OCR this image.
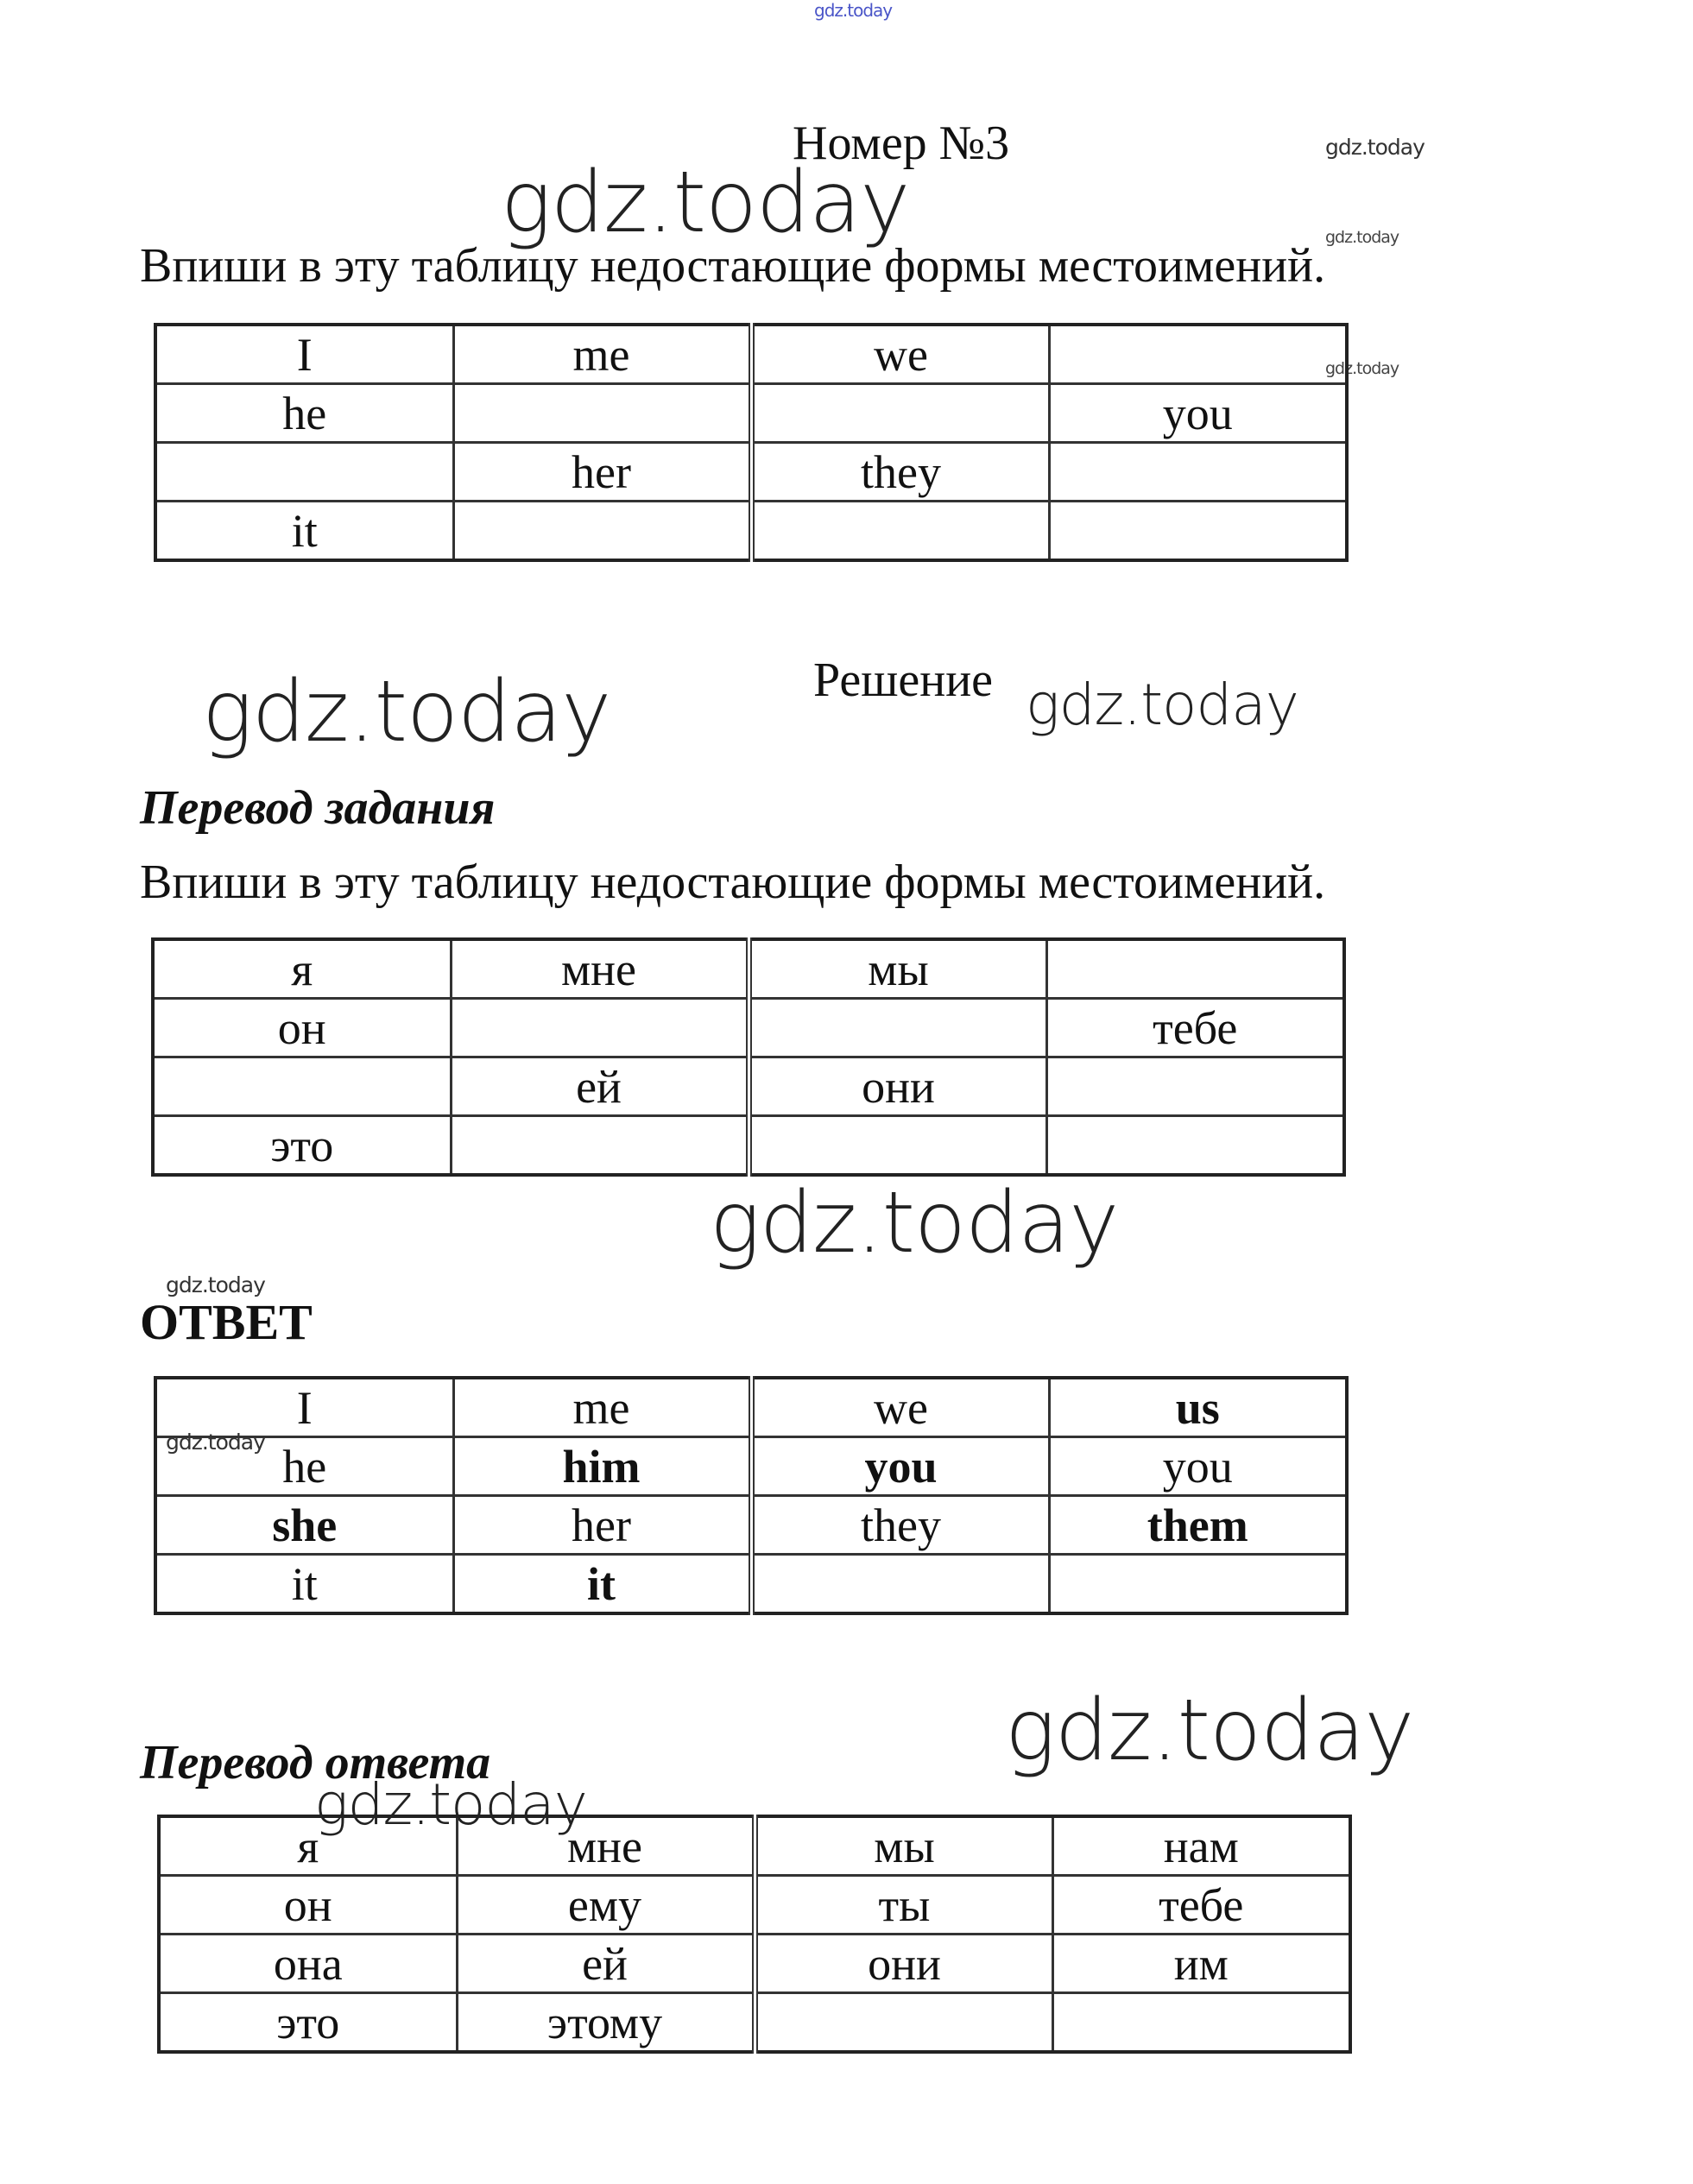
gdz.today
gdz.today
gdz.today
gdz.today
gdz.today
gdz.today	gdz.today
gdz.today
gdz.today
gdz.today
gdz.today
gdz.today
Номер №3
Впиши в эту таблицу недостающие формы местоимений.
I	me	we	
he			you
	her	they	
it			
Решение
Перевод задания
Впиши в эту таблицу недостающие формы местоимений.
я	мне	мы	
он			тебе
	ей	они	
это			
ОТВЕТ
I	me	we	us
he	him	you	you
she	her	they	them
it	it		
Перевод ответа
я	мне	мы	нам
он	ему	ты	тебе
она	ей	они	им
это	этому		
